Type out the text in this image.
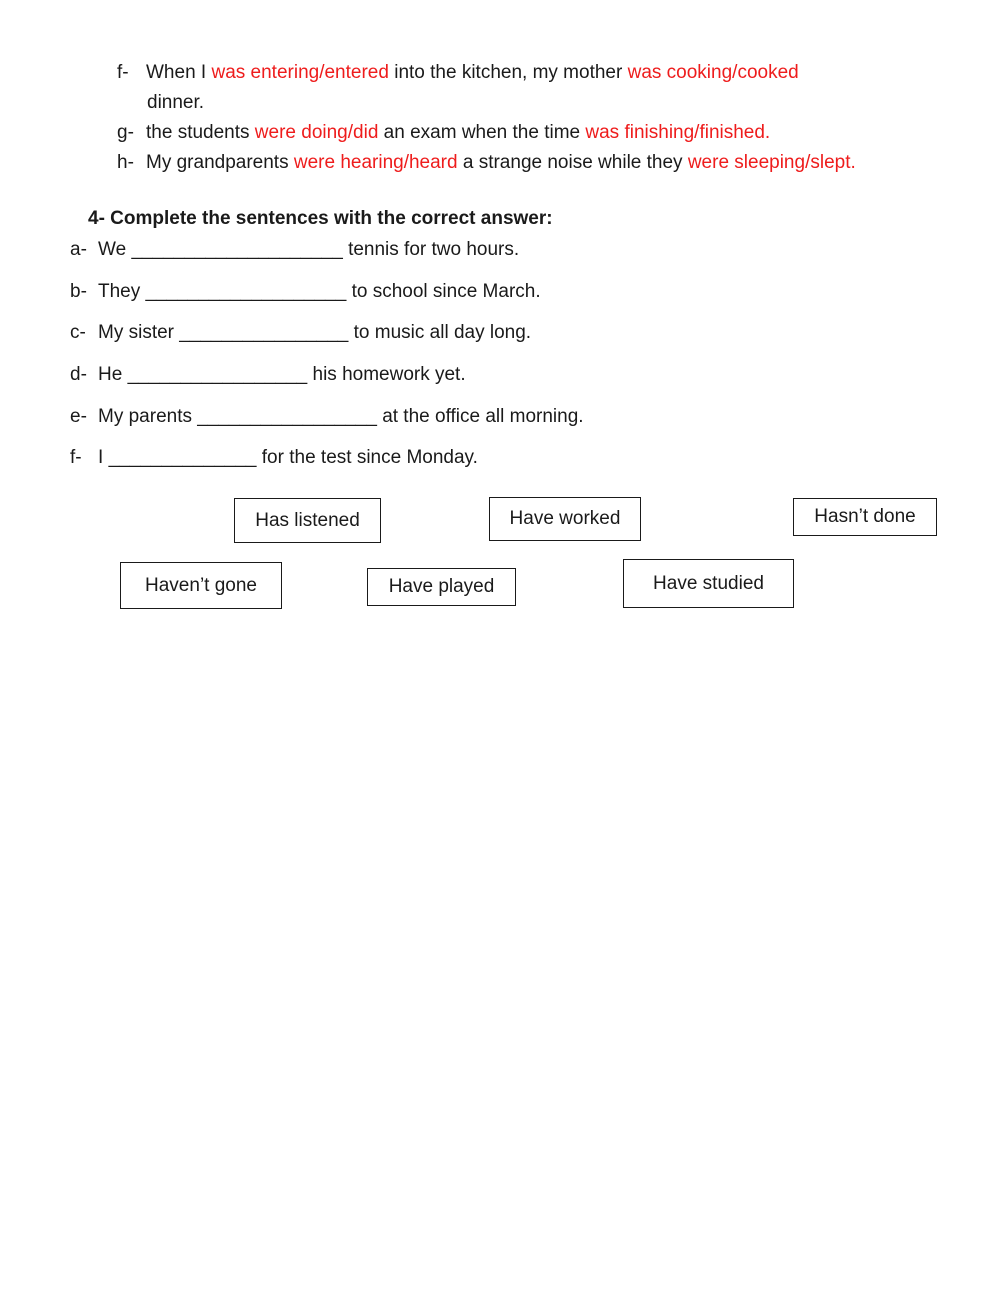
f- When I was entering/entered into the kitchen, my mother was cooking/cooked
dinner.
g- the students were doing/did an exam when the time was finishing/finished.
h- My grandparents were hearing/heard a strange noise while they were sleeping/slept.
4- Complete the sentences with the correct answer:
a- We ____________________ tennis for two hours.
b- They ___________________ to school since March.
c- My sister ________________ to music all day long.
d- He _________________ his homework yet.
e- My parents _________________ at the office all morning.
f- I ______________ for the test since Monday.
Has listened	Have worked	Hasn’t done
Haven’t gone	Have played	Have studied
